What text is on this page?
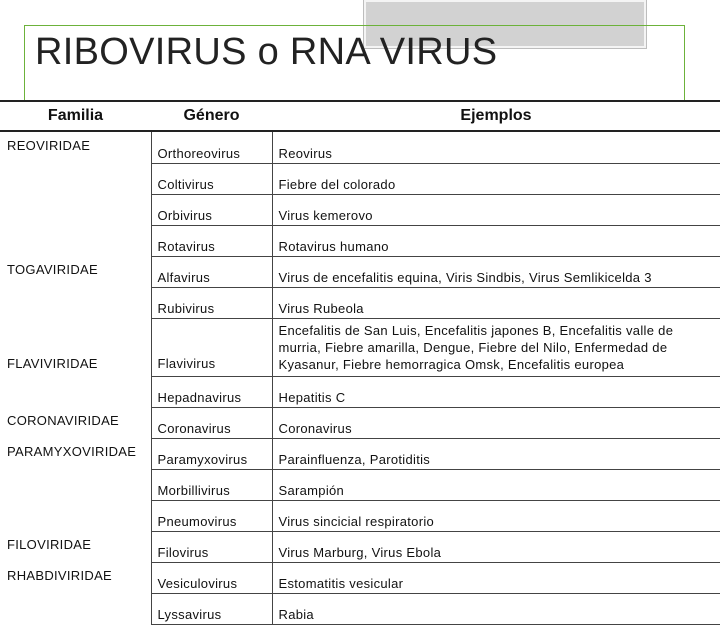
RIBOVIRUS o RNA VIRUS
Familia	Género	Ejemplos
REOVIRIDAE	Orthoreovirus	Reovirus
	Coltivirus	Fiebre del colorado
	Orbivirus	Virus kemerovo
	Rotavirus	Rotavirus humano
TOGAVIRIDAE	Alfavirus	Virus de encefalitis equina, Viris Sindbis, Virus Semlikicelda 3
	Rubivirus	Virus Rubeola
FLAVIVIRIDAE	Flavivirus	Encefalitis de San Luis, Encefalitis japones B, Encefalitis valle de murria, Fiebre amarilla, Dengue, Fiebre del Nilo, Enfermedad de Kyasanur, Fiebre hemorragica Omsk, Encefalitis europea
	Hepadnavirus	Hepatitis C
CORONAVIRIDAE	Coronavirus	Coronavirus
PARAMYXOVIRIDAE	Paramyxovirus	Parainfluenza, Parotiditis
	Morbillivirus	Sarampión
	Pneumovirus	Virus sincicial respiratorio
FILOVIRIDAE	Filovirus	Virus Marburg, Virus Ebola
RHABDIVIRIDAE	Vesiculovirus	Estomatitis vesicular
	Lyssavirus	Rabia
